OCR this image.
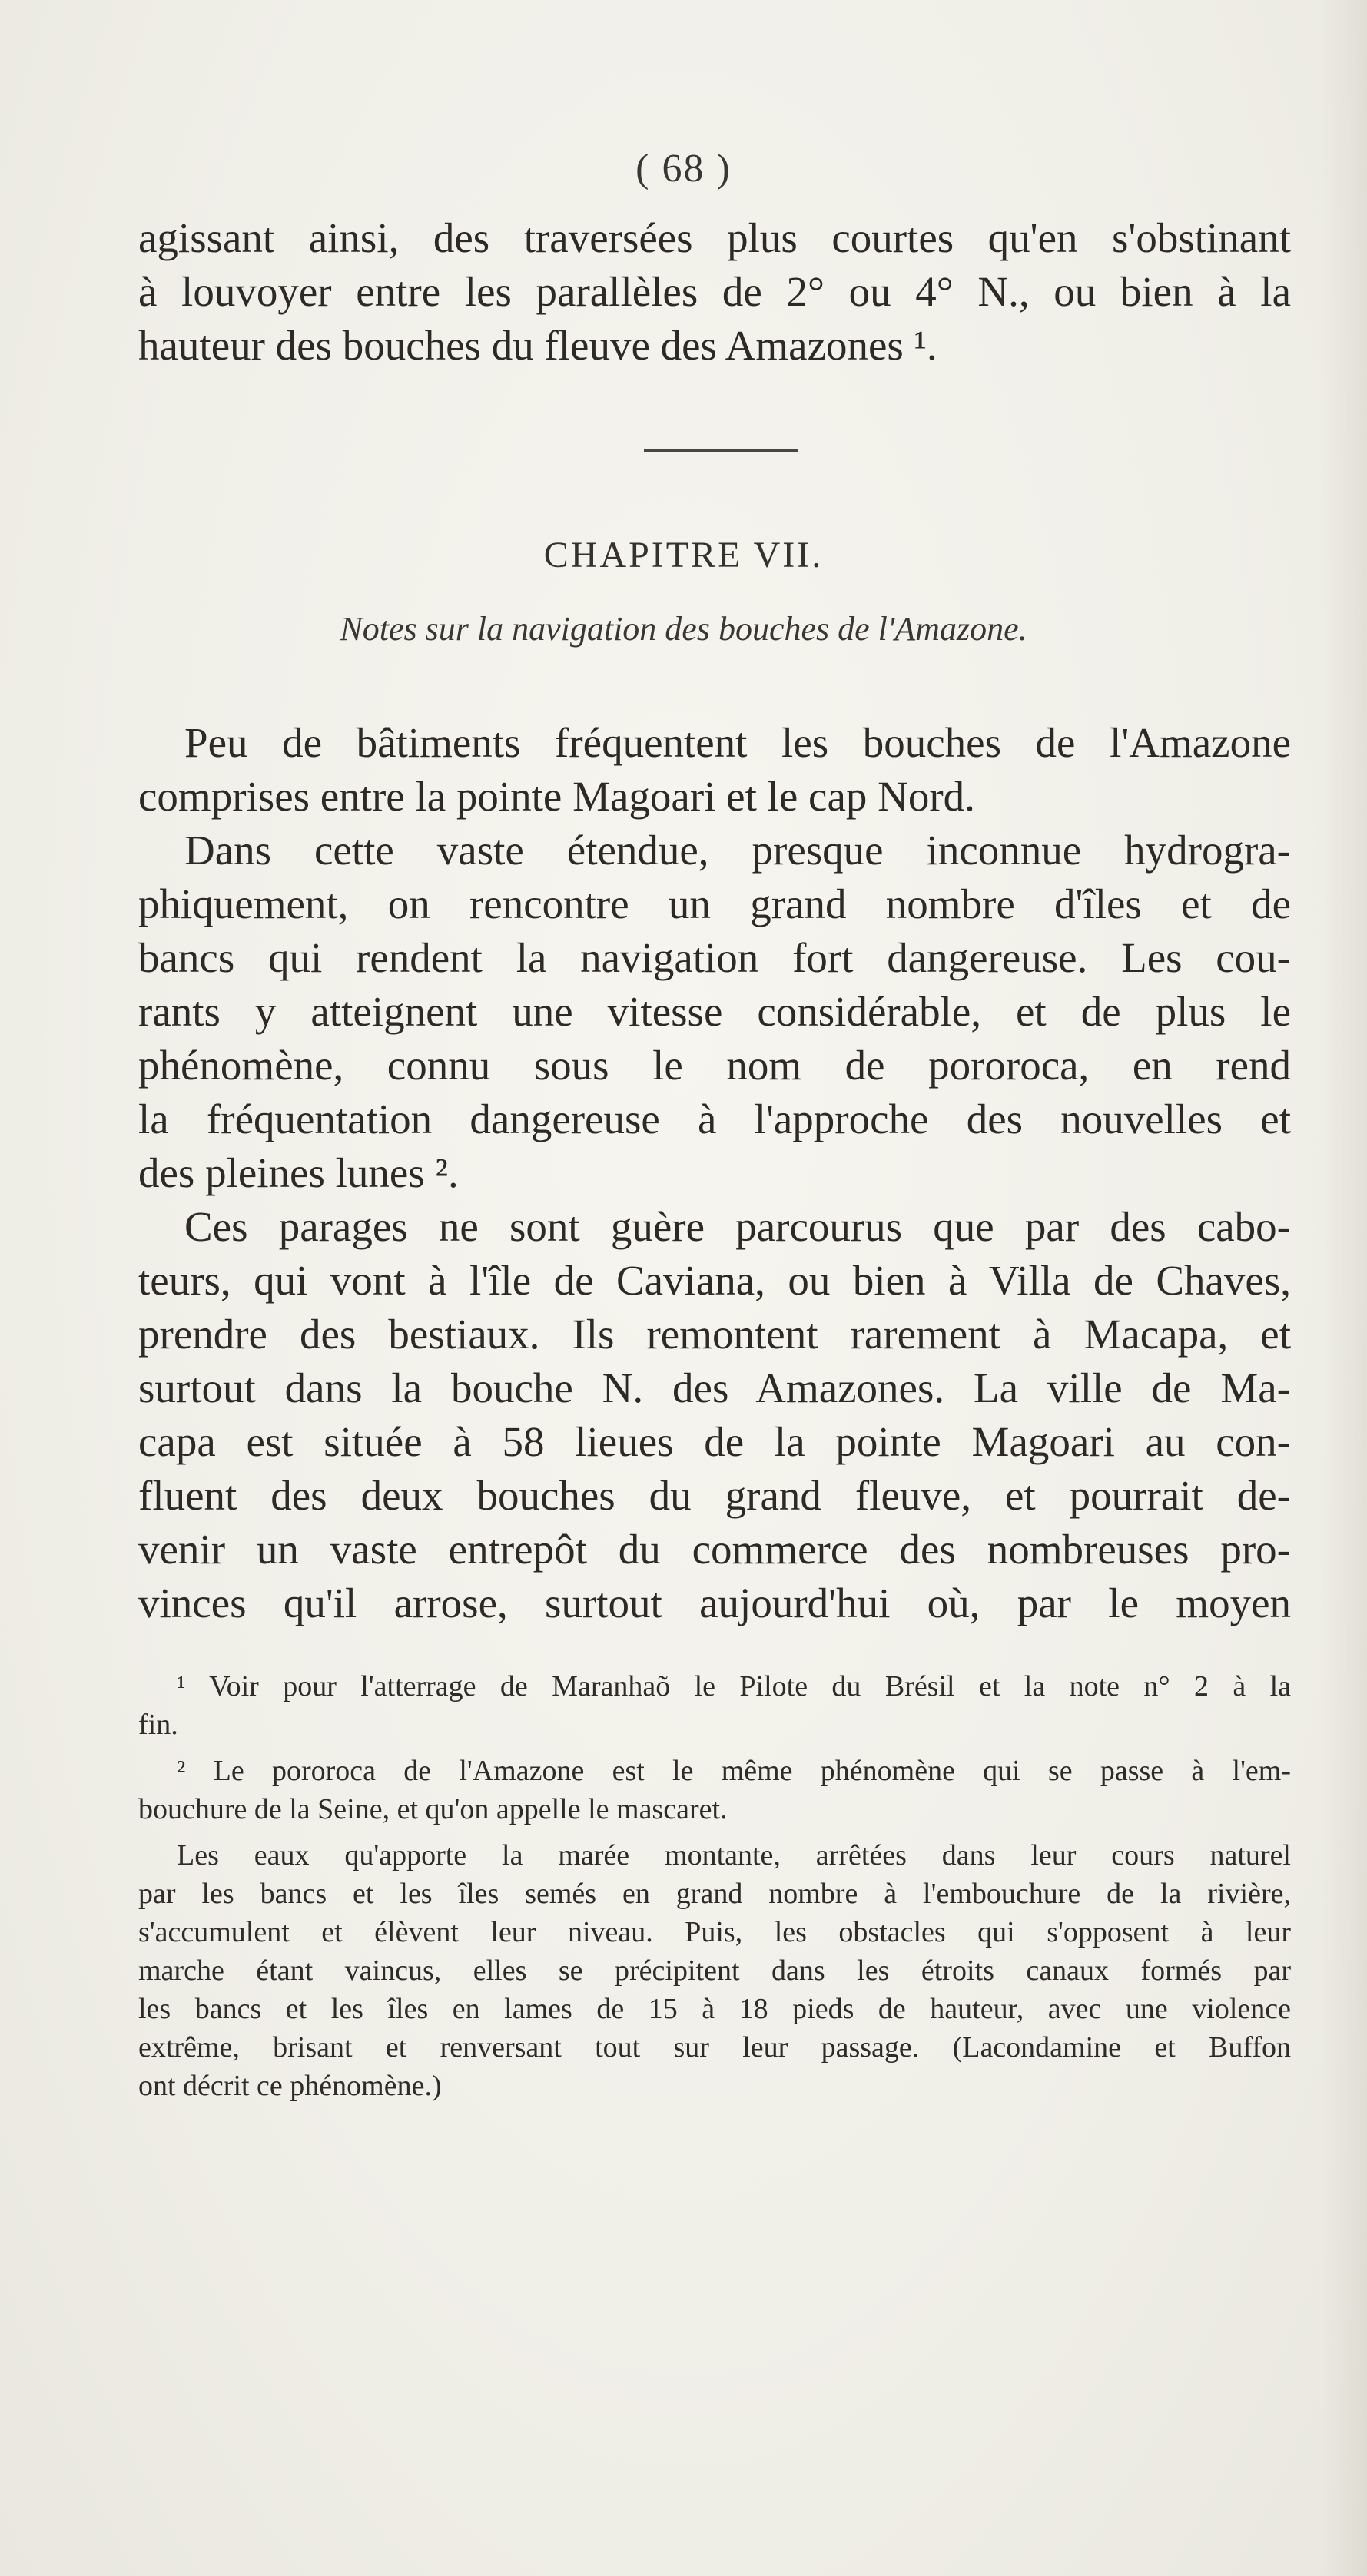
( 68 )
agissant ainsi, des traversées plus courtes qu'en s'obstinant
à louvoyer entre les parallèles de 2° ou 4° N., ou bien à la
hauteur des bouches du fleuve des Amazones ¹.
CHAPITRE VII.
Notes sur la navigation des bouches de l'Amazone.
Peu de bâtiments fréquentent les bouches de l'Amazone
comprises entre la pointe Magoari et le cap Nord.
Dans cette vaste étendue, presque inconnue hydrogra-
phiquement, on rencontre un grand nombre d'îles et de
bancs qui rendent la navigation fort dangereuse. Les cou-
rants y atteignent une vitesse considérable, et de plus le
phénomène, connu sous le nom de pororoca, en rend
la fréquentation dangereuse à l'approche des nouvelles et
des pleines lunes ².
Ces parages ne sont guère parcourus que par des cabo-
teurs, qui vont à l'île de Caviana, ou bien à Villa de Chaves,
prendre des bestiaux. Ils remontent rarement à Macapa, et
surtout dans la bouche N. des Amazones. La ville de Ma-
capa est située à 58 lieues de la pointe Magoari au con-
fluent des deux bouches du grand fleuve, et pourrait de-
venir un vaste entrepôt du commerce des nombreuses pro-
vinces qu'il arrose, surtout aujourd'hui où, par le moyen
¹ Voir pour l'atterrage de Maranhaõ le Pilote du Brésil et la note n° 2 à la
fin.
² Le pororoca de l'Amazone est le même phénomène qui se passe à l'em-
bouchure de la Seine, et qu'on appelle le mascaret.
Les eaux qu'apporte la marée montante, arrêtées dans leur cours naturel
par les bancs et les îles semés en grand nombre à l'embouchure de la rivière,
s'accumulent et élèvent leur niveau. Puis, les obstacles qui s'opposent à leur
marche étant vaincus, elles se précipitent dans les étroits canaux formés par
les bancs et les îles en lames de 15 à 18 pieds de hauteur, avec une violence
extrême, brisant et renversant tout sur leur passage. (Lacondamine et Buffon
ont décrit ce phénomène.)
